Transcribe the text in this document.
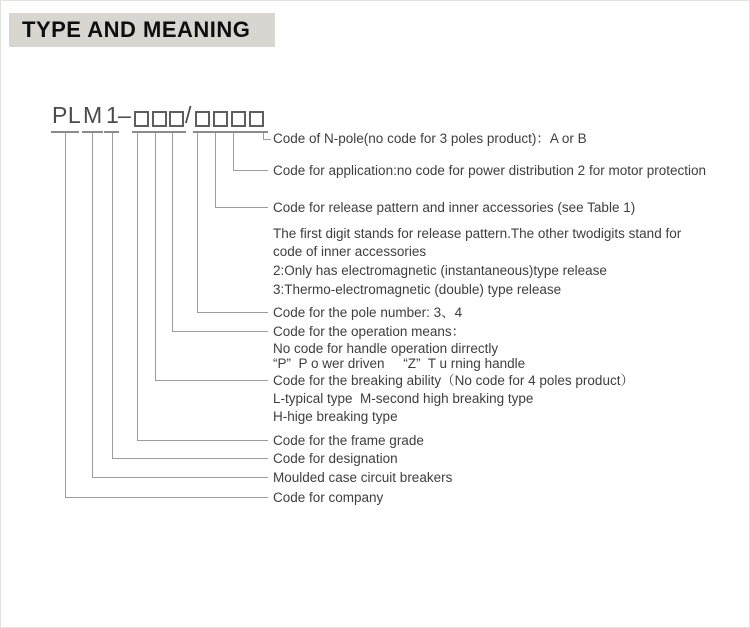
TYPE AND MEANING
PL M 1
– /
Code of N-pole(no code for 3 poles product)：A or B
Code for application:no code for power distribution 2 for motor protection
Code for release pattern and inner accessories (see Table 1)
The first digit stands for release pattern.The other twodigits stand for
code of inner accessories
2:Only has electromagnetic (instantaneous)type release
3:Thermo-electromagnetic (double) type release
Code for the pole number: 3、4
Code for the operation means：
No code for handle operation dirrectly
“P”  P o wer driven     “Z”  T u rning handle
Code for the breaking ability（No code for 4 poles product）
L-typical type  M-second high breaking type
H-hige breaking type
Code for the frame grade
Code for designation
Moulded case circuit breakers
Code for company
